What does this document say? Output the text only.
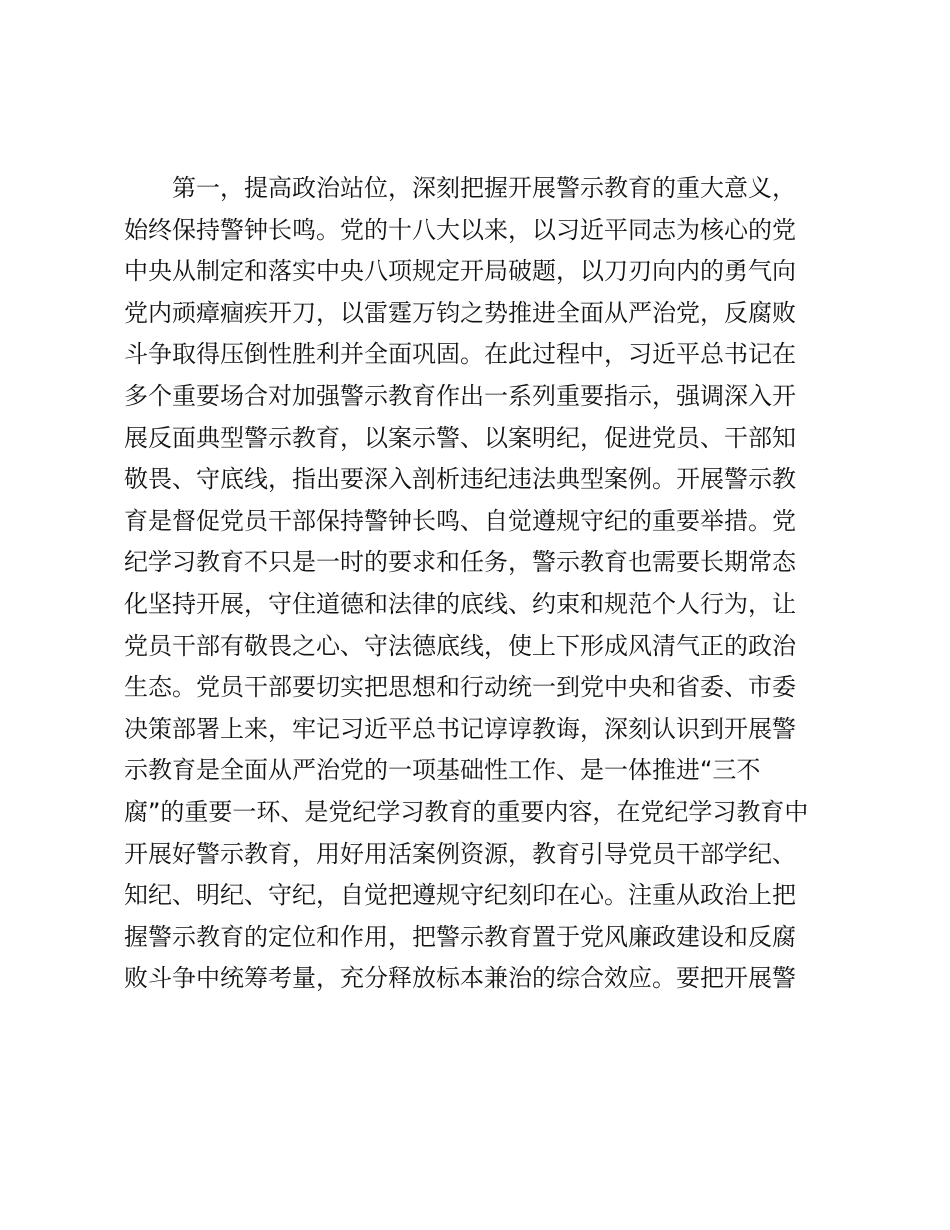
第一，提高政治站位，深刻把握开展警示教育的重大意义，
始终保持警钟长鸣。党的十八大以来，以习近平同志为核心的党
中央从制定和落实中央八项规定开局破题，以刀刃向内的勇气向
党内顽瘴痼疾开刀，以雷霆万钧之势推进全面从严治党，反腐败
斗争取得压倒性胜利并全面巩固。在此过程中，习近平总书记在
多个重要场合对加强警示教育作出一系列重要指示，强调深入开
展反面典型警示教育，以案示警、以案明纪，促进党员、干部知
敬畏、守底线，指出要深入剖析违纪违法典型案例。开展警示教
育是督促党员干部保持警钟长鸣、自觉遵规守纪的重要举措。党
纪学习教育不只是一时的要求和任务，警示教育也需要长期常态
化坚持开展，守住道德和法律的底线、约束和规范个人行为，让
党员干部有敬畏之心、守法德底线，使上下形成风清气正的政治
生态。党员干部要切实把思想和行动统一到党中央和省委、市委
决策部署上来，牢记习近平总书记谆谆教诲，深刻认识到开展警
示教育是全面从严治党的一项基础性工作、是一体推进“三不
腐”的重要一环、是党纪学习教育的重要内容，在党纪学习教育中
开展好警示教育，用好用活案例资源，教育引导党员干部学纪、
知纪、明纪、守纪，自觉把遵规守纪刻印在心。注重从政治上把
握警示教育的定位和作用，把警示教育置于党风廉政建设和反腐
败斗争中统筹考量，充分释放标本兼治的综合效应。要把开展警
